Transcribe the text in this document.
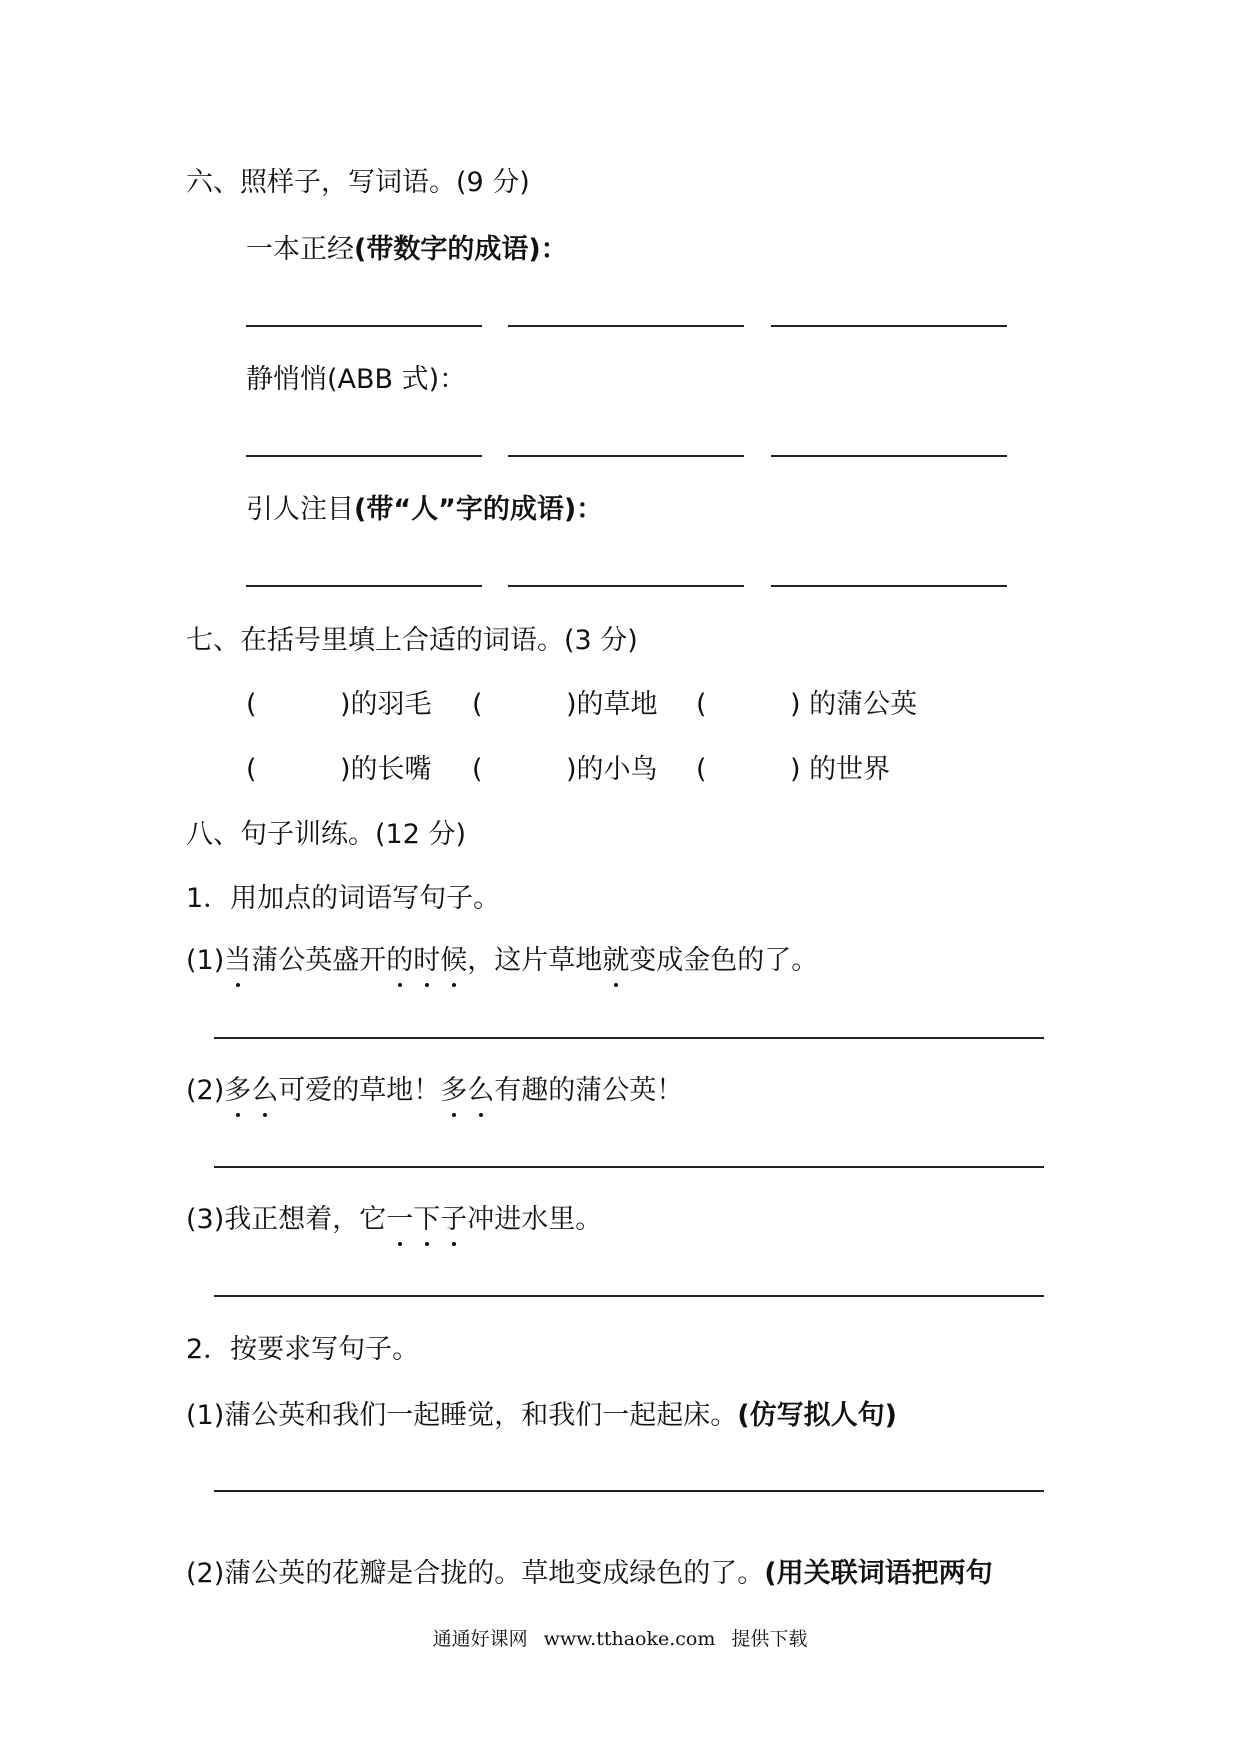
六、照样子，写词语。(9 分)
一本正经(带数字的成语)：
静悄悄(ABB 式)：
引人注目(带“人”字的成语)：
七、在括号里填上合适的词语。(3 分)
(	)的羽毛 (	)的草地 (	) 的蒲公英
(	)的长嘴 (	)的小鸟 (	) 的世界
八、句子训练。(12 分)
1．用加点的词语写句子。
(1)当蒲公英盛开的时候，这片草地就变成金色的了。
(2)多么可爱的草地！多么有趣的蒲公英！
(3)我正想着，它一下子冲进水里。
2．按要求写句子。
(1)蒲公英和我们一起睡觉，和我们一起起床。(仿写拟人句)
(2)蒲公英的花瓣是合拢的。草地变成绿色的了。(用关联词语把两句
通通好课网 www.tthaoke.com 提供下载
